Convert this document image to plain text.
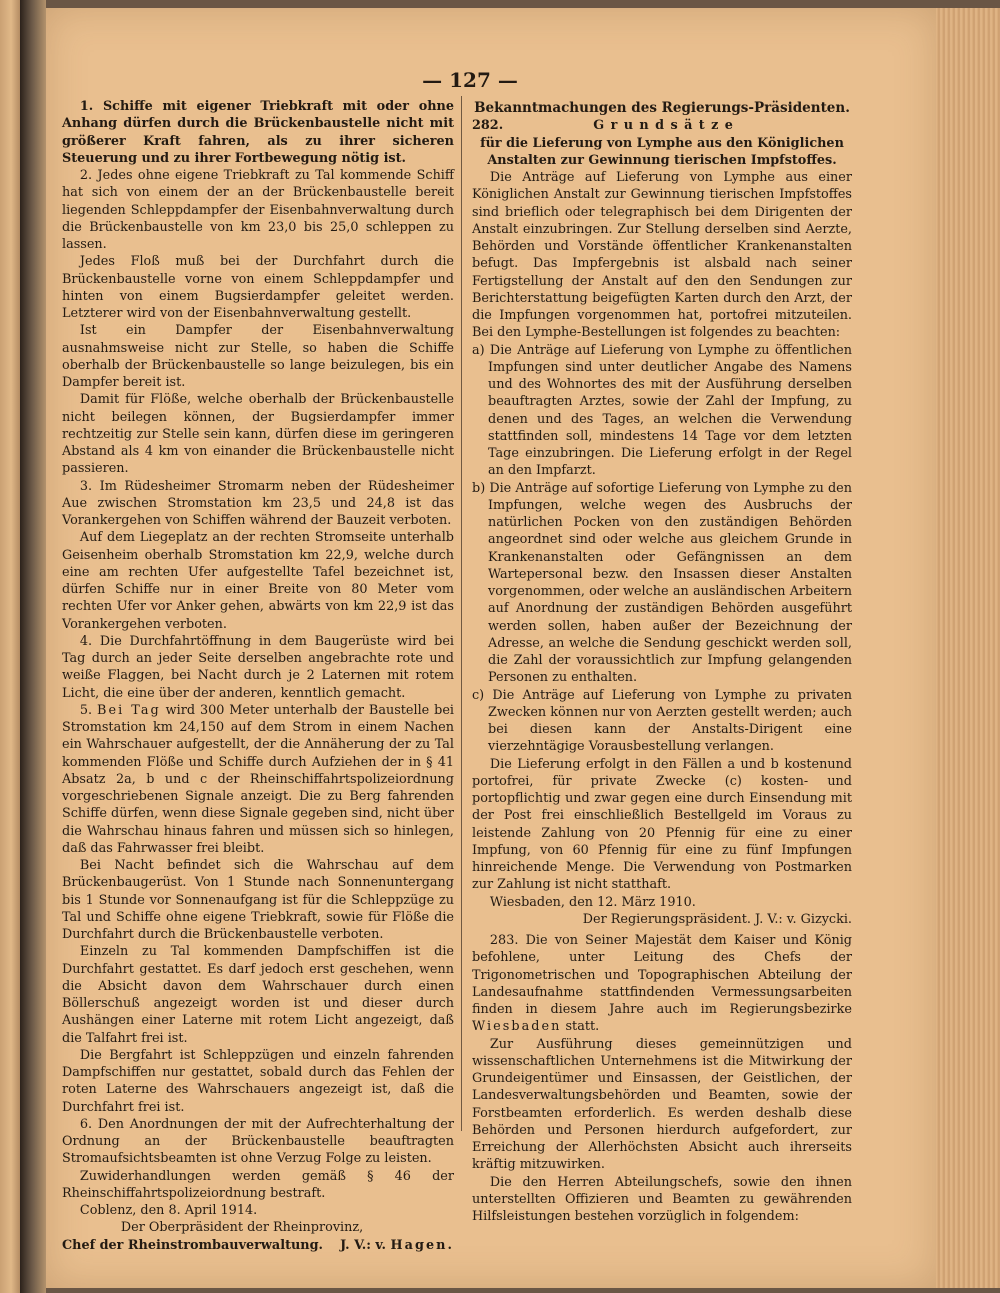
— 127 —

1. Schiffe mit eigener Triebkraft mit oder ohne Anhang dürfen durch die Brückenbaustelle nicht mit größerer Kraft fahren, als zu ihrer sicheren Steuerung und zu ihrer Fortbewegung nötig ist.

2. Jedes ohne eigene Triebkraft zu Tal kommende Schiff hat sich von einem der an der Brückenbaustelle bereit liegenden Schleppdampfer der Eisenbahnverwaltung durch die Brückenbaustelle von km 23,0 bis 25,0 schleppen zu lassen.

Jedes Floß muß bei der Durchfahrt durch die Brückenbaustelle vorne von einem Schleppdampfer und hinten von einem Bugsierdampfer geleitet werden. Letzterer wird von der Eisenbahnverwaltung gestellt.

Ist ein Dampfer der Eisenbahnverwaltung ausnahmsweise nicht zur Stelle, so haben die Schiffe oberhalb der Brückenbaustelle so lange beizulegen, bis ein Dampfer bereit ist.

Damit für Flöße, welche oberhalb der Brückenbaustelle nicht beilegen können, der Bugsierdampfer immer rechtzeitig zur Stelle sein kann, dürfen diese im geringeren Abstand als 4 km von einander die Brückenbaustelle nicht passieren.

3. Im Rüdesheimer Stromarm neben der Rüdesheimer Aue zwischen Stromstation km 23,5 und 24,8 ist das Vorankergehen von Schiffen während der Bauzeit verboten.

Auf dem Liegeplatz an der rechten Stromseite unterhalb Geisenheim oberhalb Stromstation km 22,9, welche durch eine am rechten Ufer aufgestellte Tafel bezeichnet ist, dürfen Schiffe nur in einer Breite von 80 Meter vom rechten Ufer vor Anker gehen, abwärts von km 22,9 ist das Vorankergehen verboten.

4. Die Durchfahrtöffnung in dem Baugerüste wird bei Tag durch an jeder Seite derselben angebrachte rote und weiße Flaggen, bei Nacht durch je 2 Laternen mit rotem Licht, die eine über der anderen, kenntlich gemacht.

5. Bei Tag wird 300 Meter unterhalb der Baustelle bei Stromstation km 24,150 auf dem Strom in einem Nachen ein Wahrschauer aufgestellt, der die Annäherung der zu Tal kommenden Flöße und Schiffe durch Aufziehen der in § 41 Absatz 2a, b und c der Rheinschiffahrtspolizeiordnung vorgeschriebenen Signale anzeigt. Die zu Berg fahrenden Schiffe dürfen, wenn diese Signale gegeben sind, nicht über die Wahrschau hinaus fahren und müssen sich so hinlegen, daß das Fahrwasser frei bleibt.

Bei Nacht befindet sich die Wahrschau auf dem Brückenbaugerüst. Von 1 Stunde nach Sonnenuntergang bis 1 Stunde vor Sonnenaufgang ist für die Schleppzüge zu Tal und Schiffe ohne eigene Triebkraft, sowie für Flöße die Durchfahrt durch die Brückenbaustelle verboten.

Einzeln zu Tal kommenden Dampfschiffen ist die Durchfahrt gestattet. Es darf jedoch erst geschehen, wenn die Absicht davon dem Wahrschauer durch einen Böllerschuß angezeigt worden ist und dieser durch Aushängen einer Laterne mit rotem Licht angezeigt, daß die Talfahrt frei ist.

Die Bergfahrt ist Schleppzügen und einzeln fahrenden Dampfschiffen nur gestattet, sobald durch das Fehlen der roten Laterne des Wahrschauers angezeigt ist, daß die Durchfahrt frei ist.

6. Den Anordnungen der mit der Aufrechterhaltung der Ordnung an der Brückenbaustelle beauftragten Stromaufsichtsbeamten ist ohne Verzug Folge zu leisten.

Zuwiderhandlungen werden gemäß § 46 der Rheinschiffahrtspolizeiordnung bestraft.

Coblenz, den 8. April 1914.

Der Oberpräsident der Rheinprovinz,

Chef der Rheinstrombauverwaltung. J. V.: v. Hagen.

Bekanntmachungen des Regierungs-Präsidenten.

282.	Grundsätze

für die Lieferung von Lymphe aus den Königlichen Anstalten zur Gewinnung tierischen Impfstoffes.

Die Anträge auf Lieferung von Lymphe aus einer Königlichen Anstalt zur Gewinnung tierischen Impfstoffes sind brieflich oder telegraphisch bei dem Dirigenten der Anstalt einzubringen. Zur Stellung derselben sind Aerzte, Behörden und Vorstände öffentlicher Krankenanstalten befugt. Das Impfergebnis ist alsbald nach seiner Fertigstellung der Anstalt auf den den Sendungen zur Berichterstattung beigefügten Karten durch den Arzt, der die Impfungen vorgenommen hat, portofrei mitzuteilen. Bei den Lymphe-Bestellungen ist folgendes zu beachten:

a) Die Anträge auf Lieferung von Lymphe zu öffentlichen Impfungen sind unter deutlicher Angabe des Namens und des Wohnortes des mit der Ausführung derselben beauftragten Arztes, sowie der Zahl der Impfung, zu denen und des Tages, an welchen die Verwendung stattfinden soll, mindestens 14 Tage vor dem letzten Tage einzubringen. Die Lieferung erfolgt in der Regel an den Impfarzt.

b) Die Anträge auf sofortige Lieferung von Lymphe zu den Impfungen, welche wegen des Ausbruchs der natürlichen Pocken von den zuständigen Behörden angeordnet sind oder welche aus gleichem Grunde in Krankenanstalten oder Gefängnissen an dem Wartepersonal bezw. den Insassen dieser Anstalten vorgenommen, oder welche an ausländischen Arbeitern auf Anordnung der zuständigen Behörden ausgeführt werden sollen, haben außer der Bezeichnung der Adresse, an welche die Sendung geschickt werden soll, die Zahl der voraussichtlich zur Impfung gelangenden Personen zu enthalten.

c) Die Anträge auf Lieferung von Lymphe zu privaten Zwecken können nur von Aerzten gestellt werden; auch bei diesen kann der Anstalts-Dirigent eine vierzehntägige Vorausbestellung verlangen.

Die Lieferung erfolgt in den Fällen a und b kostenund portofrei, für private Zwecke (c) kosten- und portopflichtig und zwar gegen eine durch Einsendung mit der Post frei einschließlich Bestellgeld im Voraus zu leistende Zahlung von 20 Pfennig für eine zu einer Impfung, von 60 Pfennig für eine zu fünf Impfungen hinreichende Menge. Die Verwendung von Postmarken zur Zahlung ist nicht statthaft.

Wiesbaden, den 12. März 1910.

Der Regierungspräsident. J. V.: v. Gizycki.

283. Die von Seiner Majestät dem Kaiser und König befohlene, unter Leitung des Chefs der Trigonometrischen und Topographischen Abteilung der Landesaufnahme stattfindenden Vermessungsarbeiten finden in diesem Jahre auch im Regierungsbezirke Wiesbaden statt.

Zur Ausführung dieses gemeinnützigen und wissenschaftlichen Unternehmens ist die Mitwirkung der Grundeigentümer und Einsassen, der Geistlichen, der Landesverwaltungsbehörden und Beamten, sowie der Forstbeamten erforderlich. Es werden deshalb diese Behörden und Personen hierdurch aufgefordert, zur Erreichung der Allerhöchsten Absicht auch ihrerseits kräftig mitzuwirken.

Die den Herren Abteilungschefs, sowie den ihnen unterstellten Offizieren und Beamten zu gewährenden Hilfsleistungen bestehen vorzüglich in folgendem:
